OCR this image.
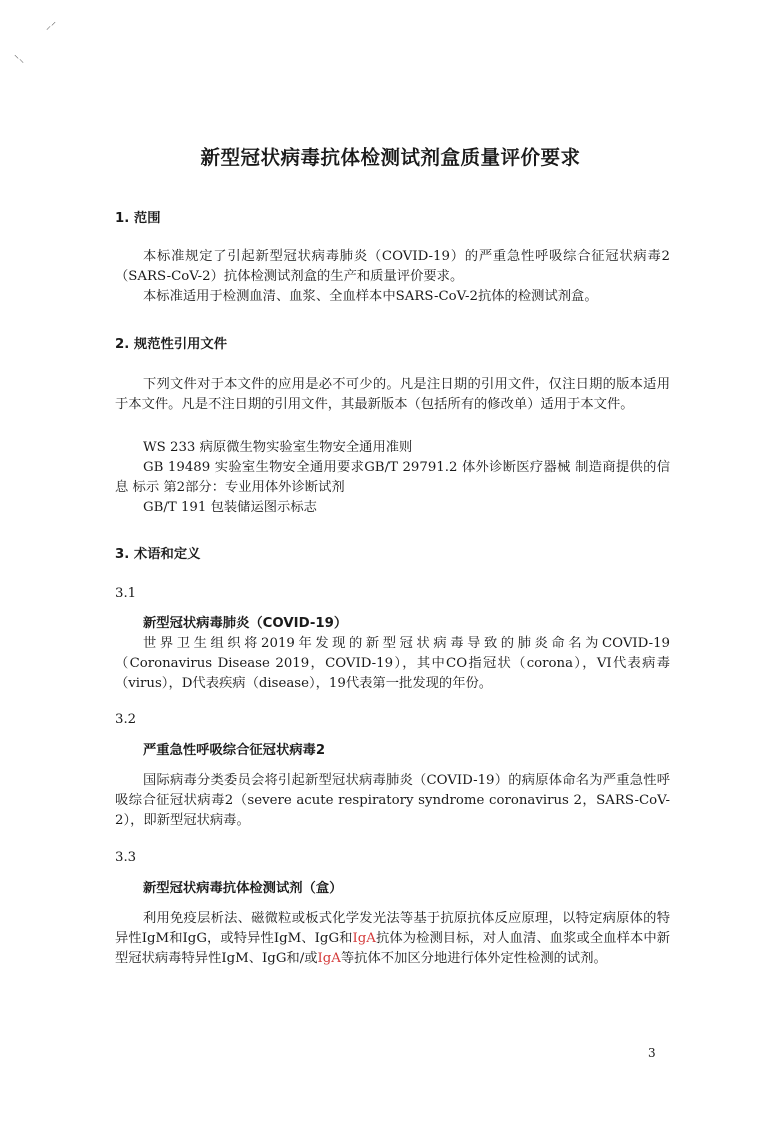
⸝⸍
⸌⸜
新型冠状病毒抗体检测试剂盒质量评价要求
1. 范围

本标准规定了引起新型冠状病毒肺炎（COVID-19）的严重急性呼吸综合征冠状病毒2（SARS-CoV-2）抗体检测试剂盒的生产和质量评价要求。

本标准适用于检测血清、血浆、全血样本中SARS-CoV-2抗体的检测试剂盒。

2. 规范性引用文件

下列文件对于本文件的应用是必不可少的。凡是注日期的引用文件，仅注日期的版本适用于本文件。凡是不注日期的引用文件，其最新版本（包括所有的修改单）适用于本文件。

WS 233 病原微生物实验室生物安全通用准则

GB 19489 实验室生物安全通用要求GB/T 29791.2 体外诊断医疗器械 制造商提供的信息 标示 第2部分：专业用体外诊断试剂

GB/T 191 包装储运图示标志

3. 术语和定义
3.1
新型冠状病毒肺炎（COVID-19）

世界卫生组织将2019年发现的新型冠状病毒导致的肺炎命名为COVID-19（Coronavirus Disease 2019，COVID-19），其中CO指冠状（corona），VI代表病毒（virus），D代表疾病（disease），19代表第一批发现的年份。

3.2
严重急性呼吸综合征冠状病毒2

国际病毒分类委员会将引起新型冠状病毒肺炎（COVID-19）的病原体命名为严重急性呼吸综合征冠状病毒2（severe acute respiratory syndrome coronavirus 2，SARS-CoV-2），即新型冠状病毒。

3.3
新型冠状病毒抗体检测试剂（盒）

利用免疫层析法、磁微粒或板式化学发光法等基于抗原抗体反应原理，以特定病原体的特异性IgM和IgG，或特异性IgM、IgG和IgA抗体为检测目标，对人血清、血浆或全血样本中新型冠状病毒特异性IgM、IgG和/或IgA等抗体不加区分地进行体外定性检测的试剂。

3
